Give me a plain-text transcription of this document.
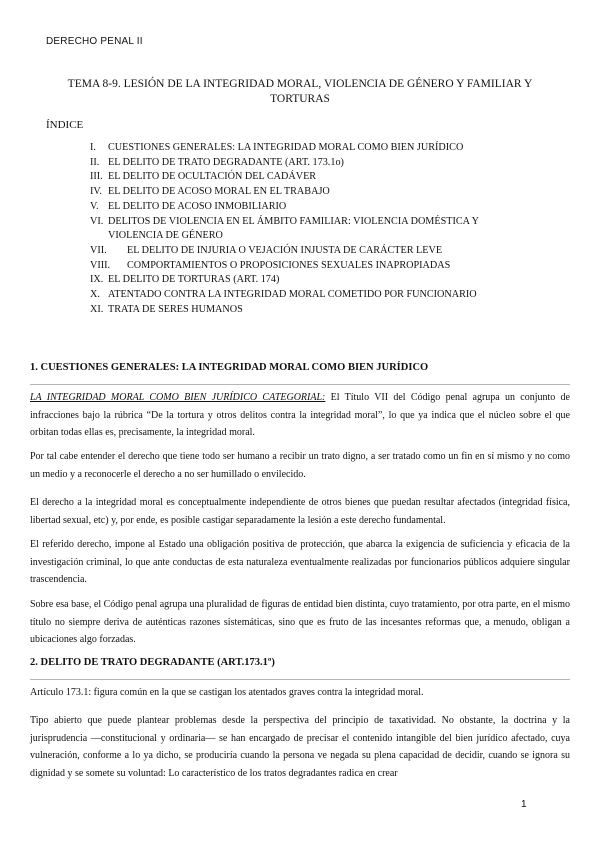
DERECHO PENAL II
TEMA 8-9. LESIÓN DE LA INTEGRIDAD MORAL, VIOLENCIA DE GÉNERO Y FAMILIAR Y TORTURAS
ÍNDICE
I.	CUESTIONES GENERALES: LA INTEGRIDAD MORAL COMO BIEN JURÍDICO
II. EL DELITO DE TRATO DEGRADANTE (ART. 173.1o)
III. EL DELITO DE OCULTACIÓN DEL CADÁVER
IV. EL DELITO DE ACOSO MORAL EN EL TRABAJO
V. EL DELITO DE ACOSO INMOBILIARIO
VI. DELITOS DE VIOLENCIA EN EL ÁMBITO FAMILIAR: VIOLENCIA DOMÉSTICA Y VIOLENCIA DE GÉNERO
VII.	EL DELITO DE INJURIA O VEJACIÓN INJUSTA DE CARÁCTER LEVE
VIII.	COMPORTAMIENTOS O PROPOSICIONES SEXUALES INAPROPIADAS
IX. EL DELITO DE TORTURAS (ART. 174)
X. ATENTADO CONTRA LA INTEGRIDAD MORAL COMETIDO POR FUNCIONARIO
XI. TRATA DE SERES HUMANOS
1. CUESTIONES GENERALES: LA INTEGRIDAD MORAL COMO BIEN JURÍDICO
LA INTEGRIDAD MORAL COMO BIEN JURÍDICO CATEGORIAL: El Título VII del Código penal agrupa un conjunto de infracciones bajo la rúbrica “De la tortura y otros delitos contra la integridad moral”, lo que ya indica que el núcleo sobre el que orbitan todas ellas es, precisamente, la integridad moral.
Por tal cabe entender el derecho que tiene todo ser humano a recibir un trato digno, a ser tratado como un fin en sí mismo y no como un medio y a reconocerle el derecho a no ser humillado o envilecido.
El derecho a la integridad moral es conceptualmente independiente de otros bienes que puedan resultar afectados (integridad física, libertad sexual, etc) y, por ende, es posible castigar separadamente la lesión a este derecho fundamental.
El referido derecho, impone al Estado una obligación positiva de protección, que abarca la exigencia de suficiencia y eficacia de la investigación criminal, lo que ante conductas de esta naturaleza eventualmente realizadas por funcionarios públicos adquiere singular trascendencia.
Sobre esa base, el Código penal agrupa una pluralidad de figuras de entidad bien distinta, cuyo tratamiento, por otra parte, en el mismo título no siempre deriva de auténticas razones sistemáticas, sino que es fruto de las incesantes reformas que, a menudo, obligan a ubicaciones algo forzadas.
2. DELITO DE TRATO DEGRADANTE (ART.173.1º)
Artículo 173.1: figura común en la que se castigan los atentados graves contra la integridad moral.
Tipo abierto que puede plantear problemas desde la perspectiva del principio de taxatividad. No obstante, la doctrina y la jurisprudencia —constitucional y ordinaria— se han encargado de precisar el contenido intangible del bien jurídico afectado, cuya vulneración, conforme a lo ya dicho, se produciría cuando la persona ve negada su plena capacidad de decidir, cuando se ignora su dignidad y se somete su voluntad: Lo característico de los tratos degradantes radica en crear
1
